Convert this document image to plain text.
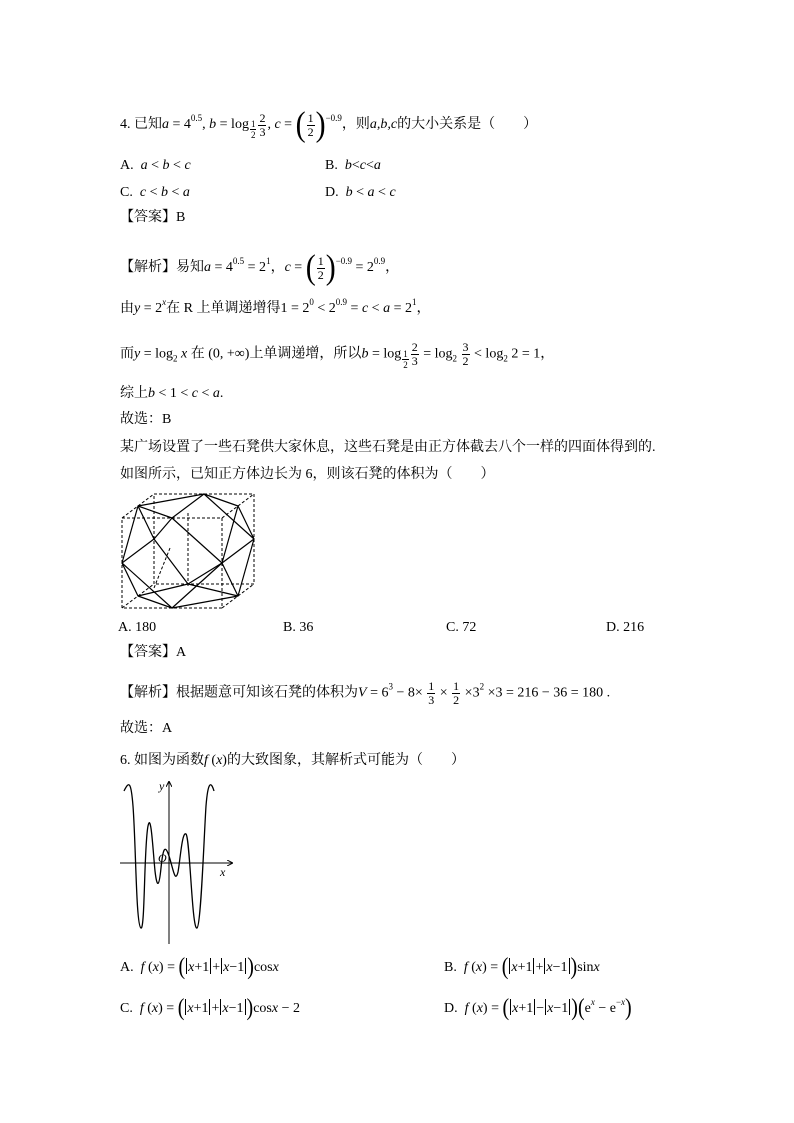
4. 已知$a = 4^{0.5}$, $b = \log _{\frac{1}{2}} \frac{2}{3}$ , c = ( $\frac{1}{2} )^{-0.9}$，则a,b,c的大小关系是（　　）
A. a < b < c	B. b<c<a
C. c < b < a	D. b < a < c
【答案】B
【解析】易知$a = 4^{0.5} = 2^1$，c = ( $\frac{1}{2} )^{-0.9} = 2^{0.9}$，
由$y = 2^x$在 R 上单调递增得$1 = 2^0 < 2^{0.9} = c < a = 2^1$，
而$y = \log_2 x$ 在 (0, +∞)上单调递增，所以$b = \log _{\frac{1}{2}} \frac{2}{3} = \log_2 \frac{3}{2} < \log_2 2 = 1$，
综上b < 1 < c < a.
故选：B
某广场设置了一些石凳供大家休息，这些石凳是由正方体截去八个一样的四面体得到的.
如图所示，已知正方体边长为 6，则该石凳的体积为（　　）
A. 180	B. 36	C. 72	D. 216
【答案】A
【解析】根据题意可知该石凳的体积为$V = 6^3 - 8\times \frac{1}{3} \times \frac{1}{2} \times 3^2 \times 3 = 216 - 36 = 180$ .
故选：A
6. 如图为函数f (x)的大致图象，其解析式可能为（　　）
y
x
O
A. f (x) = ( x+1 + x−1 )cosx	B. f (x) = ( x+1 + x−1 )sinx
C. f (x) = ( x+1 + x−1 )cosx − 2	D. f (x) = ( x+1 − x−1 )$(e^x - e^{-x})$
